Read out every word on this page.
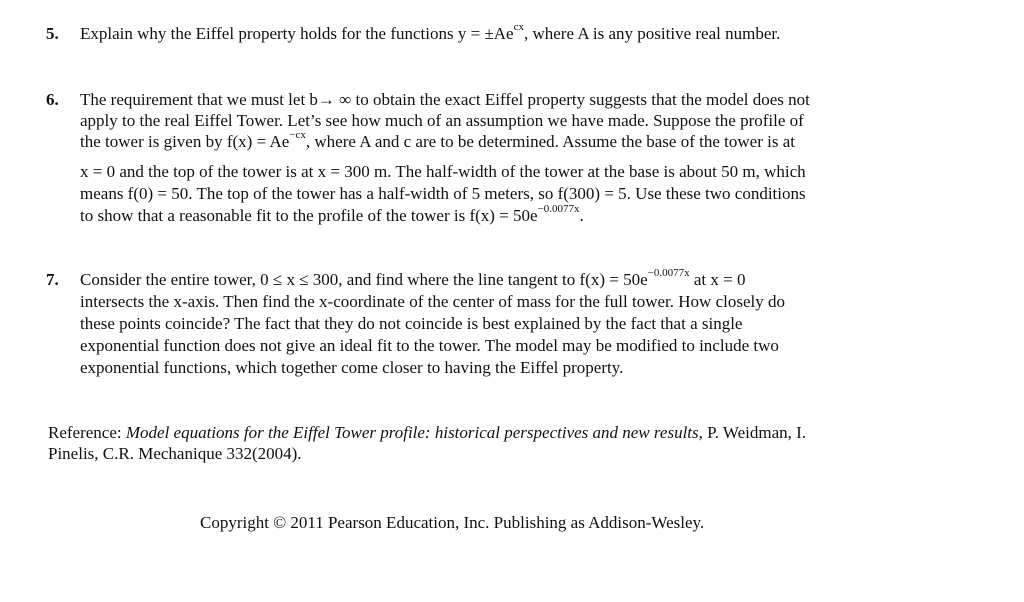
5. Explain why the Eiffel property holds for the functions $y = \pm Ae^{cx}$, where A is any positive real number.
6. The requirement that we must let b→ ∞ to obtain the exact Eiffel property suggests that the model does not
apply to the real Eiffel Tower. Let’s see how much of an assumption we have made. Suppose the profile of
the tower is given by $f(x) = Ae^{-cx}$, where A and c are to be determined. Assume the base of the tower is at
x = 0 and the top of the tower is at x = 300 m. The half-width of the tower at the base is about 50 m, which
means f(0) = 50. The top of the tower has a half-width of 5 meters, so f(300) = 5. Use these two conditions
to show that a reasonable fit to the profile of the tower is $f(x) = 50e^{-0.0077x}$.
7. Consider the entire tower, 0 ≤ x ≤ 300, and find where the line tangent to $f(x) = 50e^{-0.0077x}$ at x = 0
intersects the x-axis. Then find the x-coordinate of the center of mass for the full tower. How closely do
these points coincide? The fact that they do not coincide is best explained by the fact that a single
exponential function does not give an ideal fit to the tower. The model may be modified to include two
exponential functions, which together come closer to having the Eiffel property.
Reference: Model equations for the Eiffel Tower profile: historical perspectives and new results, P. Weidman, I.
Pinelis, C.R. Mechanique 332(2004).
Copyright © 2011 Pearson Education, Inc. Publishing as Addison-Wesley.
